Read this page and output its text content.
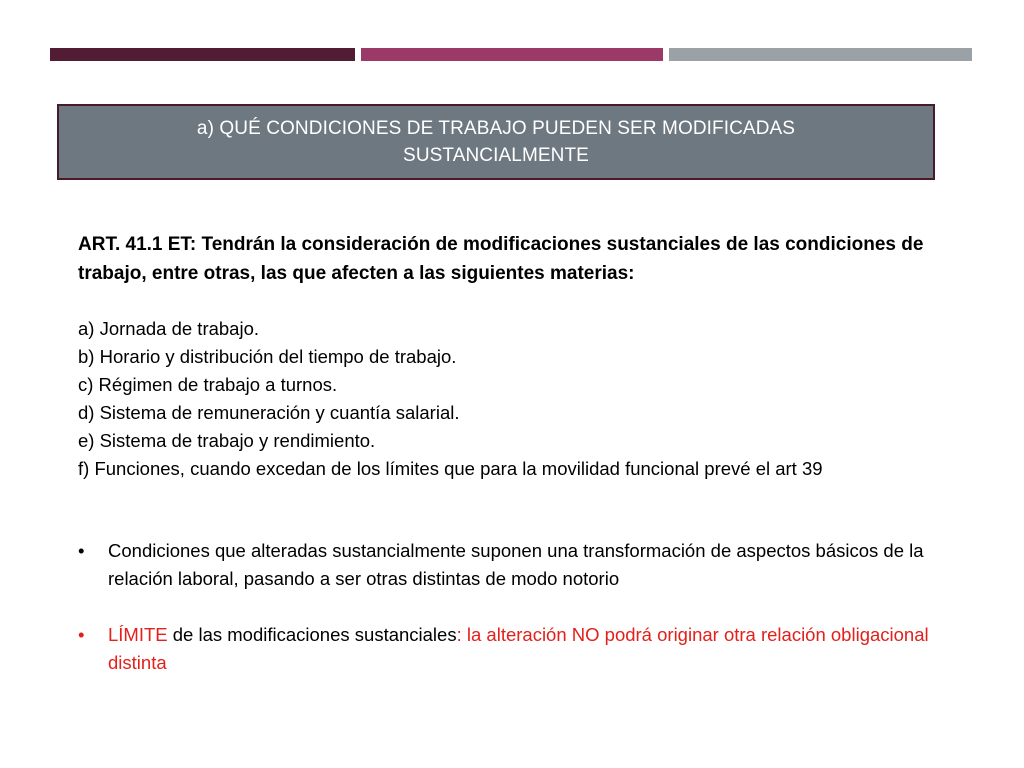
a) QUÉ CONDICIONES DE TRABAJO PUEDEN SER MODIFICADAS SUSTANCIALMENTE

ART. 41.1 ET: Tendrán la consideración de modificaciones sustanciales de las condiciones de trabajo, entre otras, las que afecten a las siguientes materias:

a) Jornada de trabajo.
b) Horario y distribución del tiempo de trabajo.
c) Régimen de trabajo a turnos.
d) Sistema de remuneración y cuantía salarial.
e) Sistema de trabajo y rendimiento.
f) Funciones, cuando excedan de los límites que para la movilidad funcional prevé el art 39
•	Condiciones que alteradas sustancialmente suponen una transformación de aspectos básicos de la relación laboral, pasando a ser otras distintas de modo notorio
•	LÍMITE de las modificaciones sustanciales: la alteración NO podrá originar otra relación obligacional distinta
